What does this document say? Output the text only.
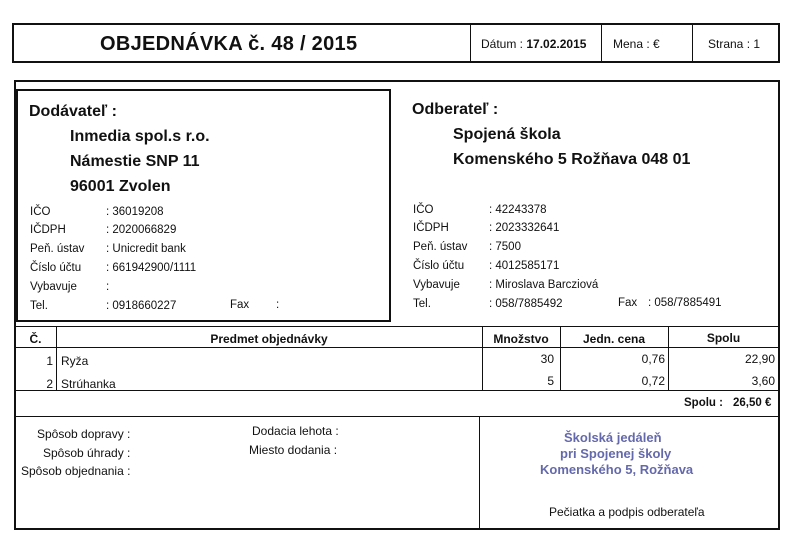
OBJEDNÁVKA č. 48 / 2015	Dátum : 17.02.2015 Mena : €	Strana : 1
Dodávateľ :
Inmedia spol.s r.o.
Námestie SNP 11
96001 Zvolen
IČO	: 36019208
IČDPH	: 2020066829
Peň. ústav : Unicredit bank
Číslo účtu : 661942900/1111
Vybavuje	:
Tel.	: 0918660227	Fax :
Odberateľ :
Spojená škola
Komenského 5 Rožňava 048 01
IČO	: 42243378
IČDPH	: 2023332641
Peň. ústav : 7500
Číslo účtu : 4012585171
Vybavuje	: Miroslava Barcziová
Tel.	: 058/7885492	Fax : 058/7885491
Č.	Predmet objednávky	Množstvo	Jedn. cena	Spolu
1 Ryža	30	0,76	22,90
2 Strúhanka	5	0,72	3,60
Spolu : 26,50 €
Spôsob dopravy :
Spôsob úhrady :
Spôsob objednania :
Dodacia lehota :
Miesto dodania :
Školská jedáleň
pri Spojenej školy
Komenského 5, Rožňava
Pečiatka a podpis odberateľa
